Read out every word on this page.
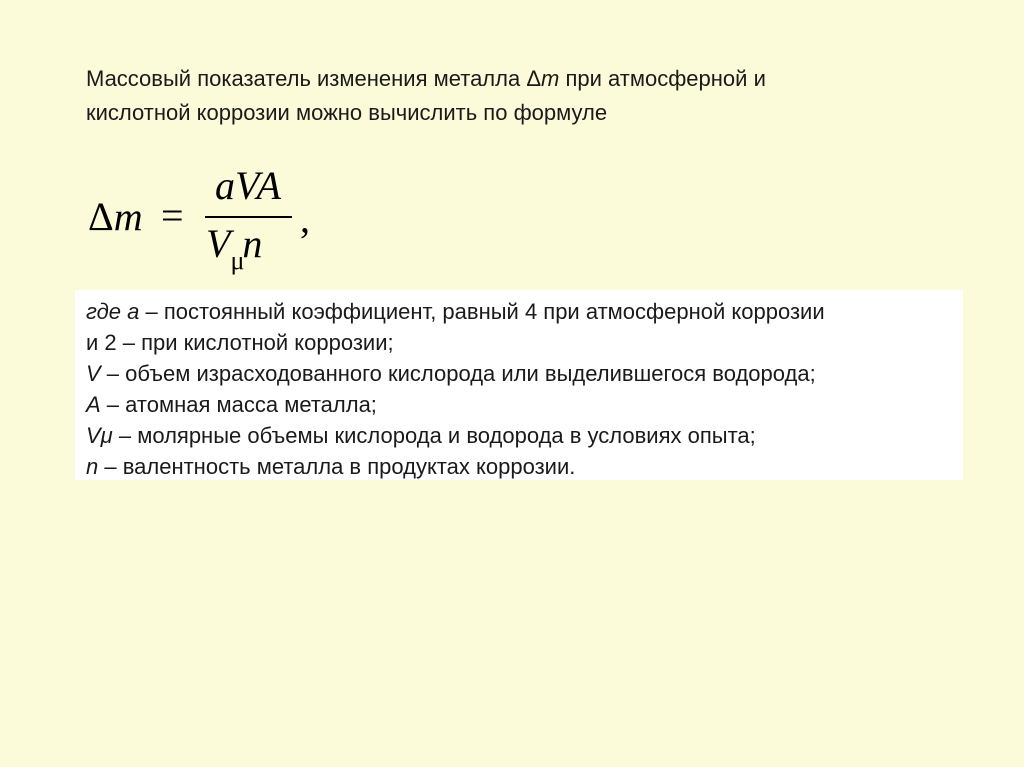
Массовый показатель изменения металла Δm при атмосферной и
кислотной коррозии можно вычислить по формуле
Δm =
aVA
$V_\mu n$
,
где а – постоянный коэффициент, равный 4 при атмосферной коррозии
и 2 – при кислотной коррозии;
V – объем израсходованного кислорода или выделившегося водорода;
A – атомная масса металла;
Vμ – молярные объемы кислорода и водорода в условиях опыта;
n – валентность металла в продуктах коррозии.
